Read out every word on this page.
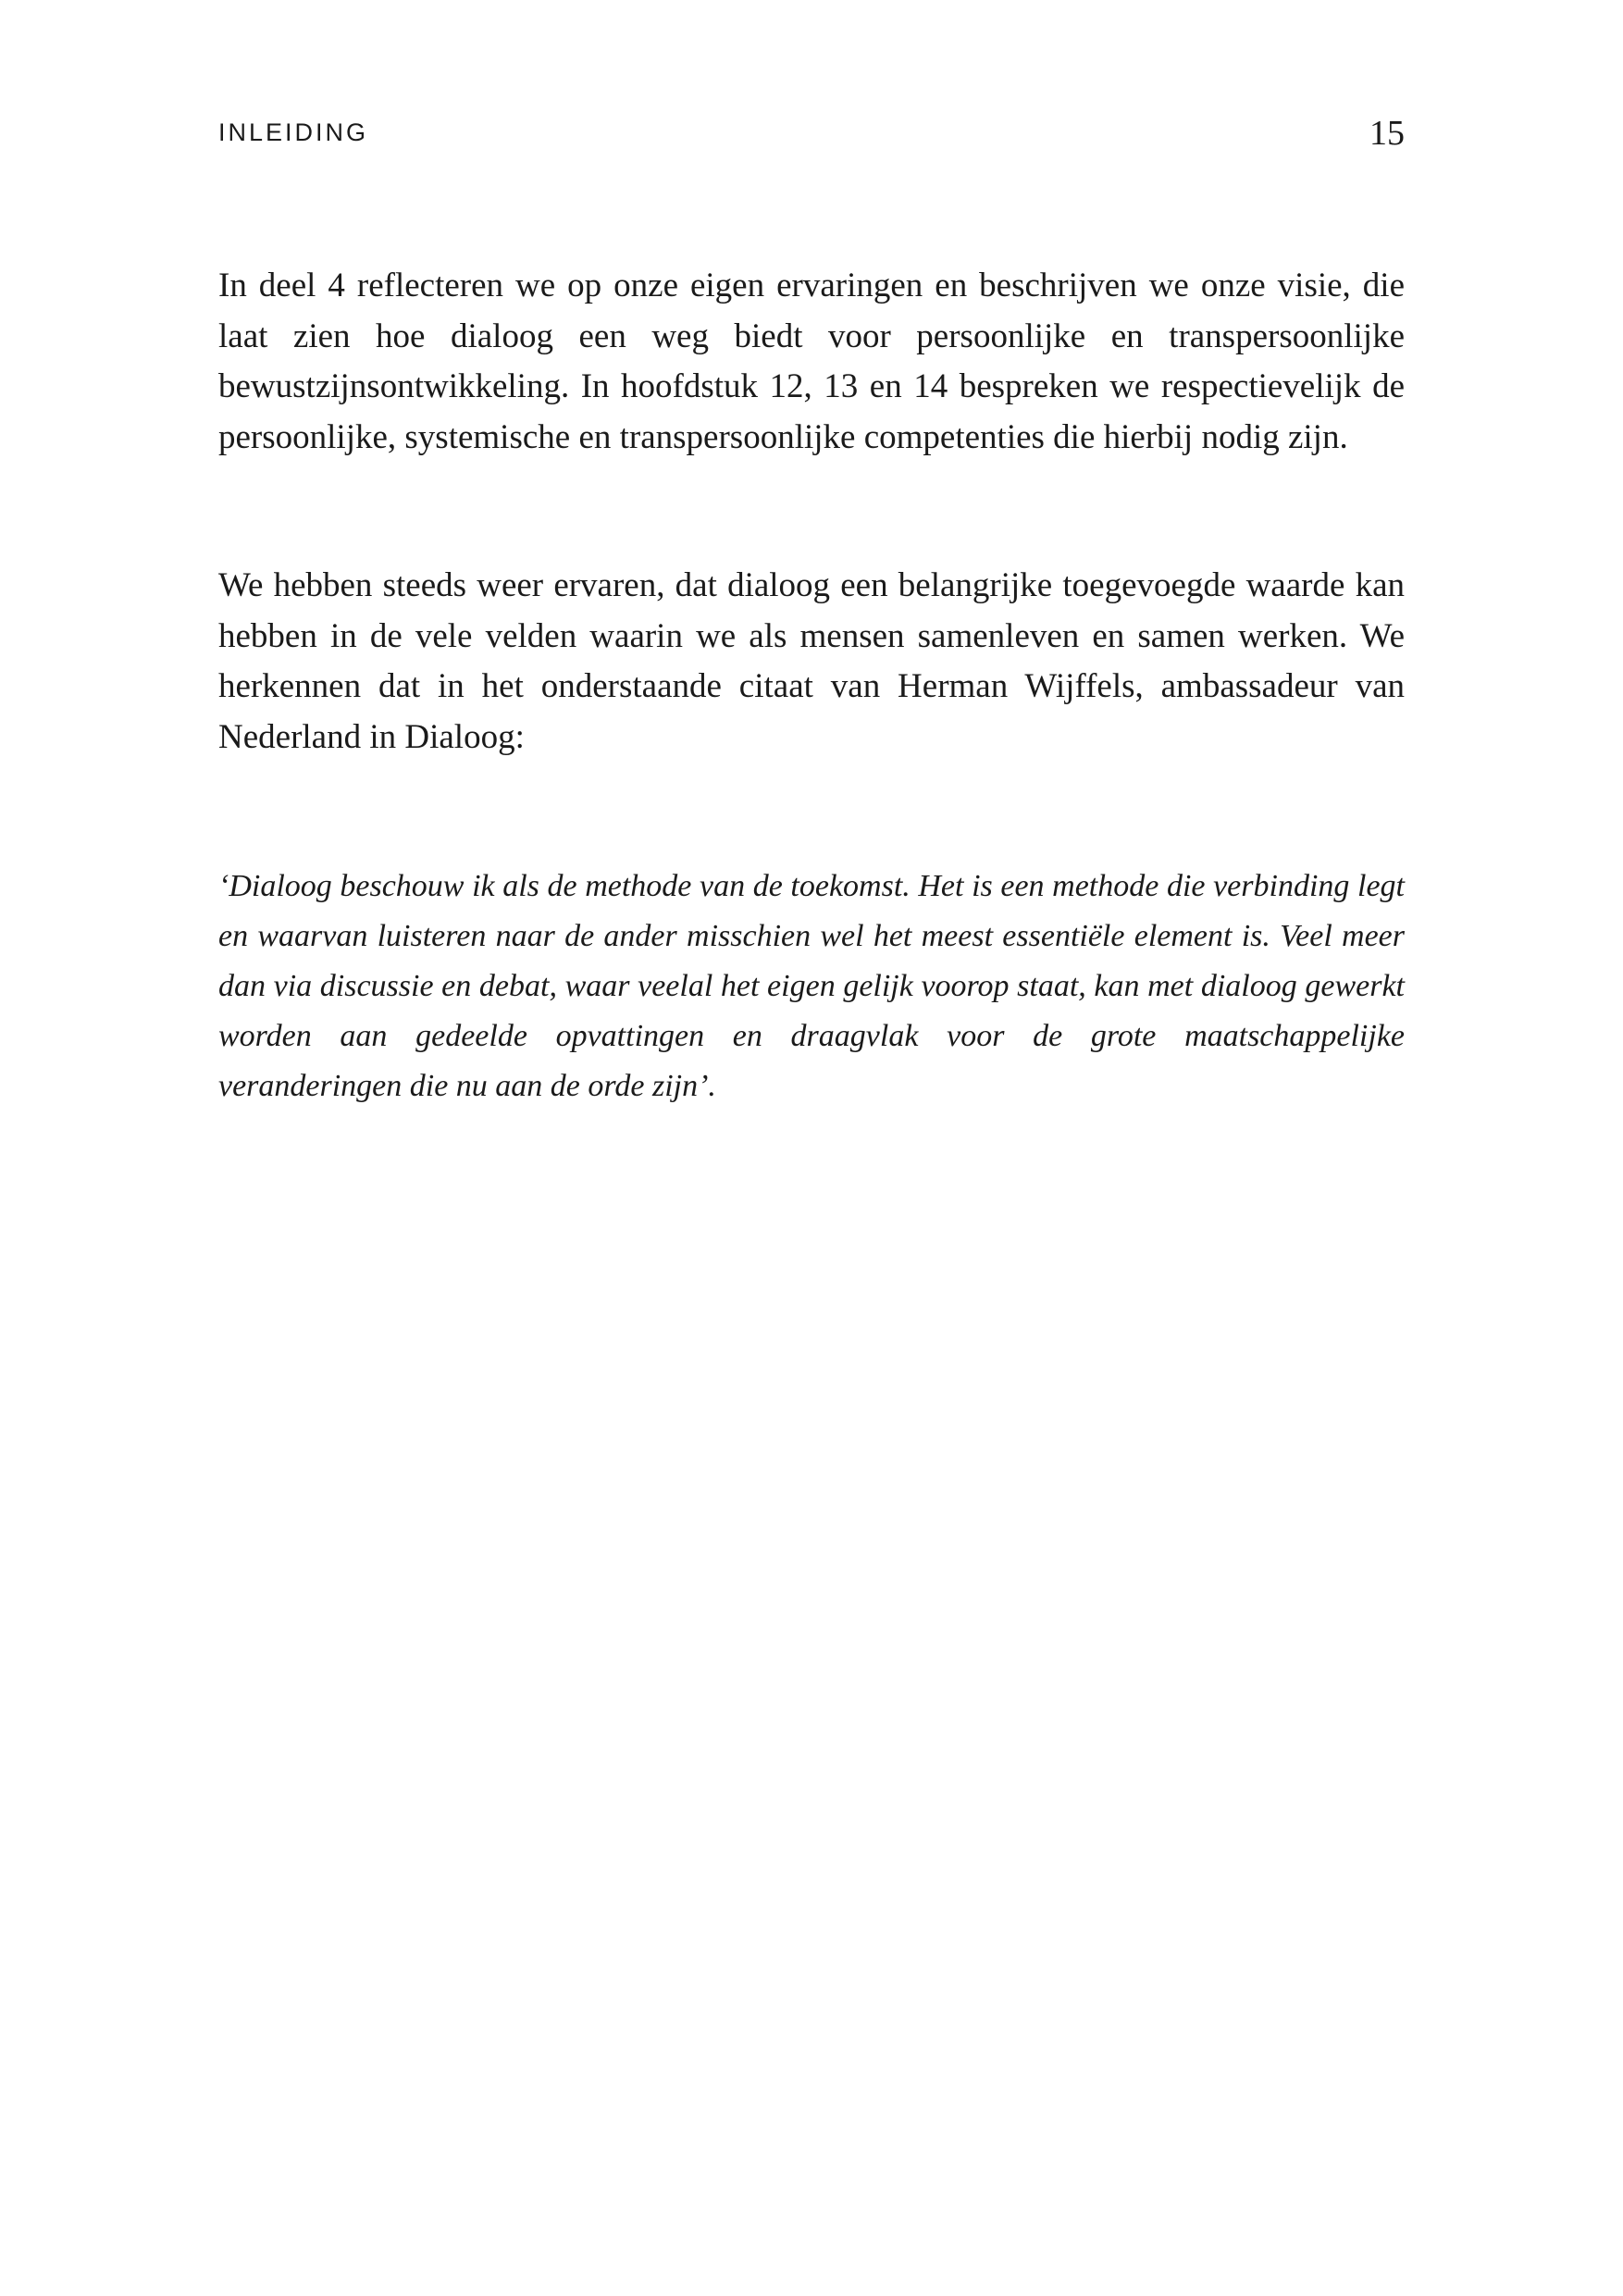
INLEIDING	15

In deel 4 reflecteren we op onze eigen ervaringen en beschrijven we onze visie, die laat zien hoe dialoog een weg biedt voor persoonlijke en transpersoonlijke bewustzijnsontwikkeling. In hoofdstuk 12, 13 en 14 bespreken we respectievelijk de persoonlijke, systemische en transpersoonlijke competenties die hierbij nodig zijn.

We hebben steeds weer ervaren, dat dialoog een belangrijke toegevoegde waarde kan hebben in de vele velden waarin we als mensen samenleven en samen werken. We herkennen dat in het onderstaande citaat van Herman Wijffels, ambassadeur van Nederland in Dialoog:

‘Dialoog beschouw ik als de methode van de toekomst. Het is een methode die verbinding legt en waarvan luisteren naar de ander misschien wel het meest essentiële element is. Veel meer dan via discussie en debat, waar veelal het eigen gelijk voorop staat, kan met dialoog gewerkt worden aan gedeelde opvattingen en draagvlak voor de grote maatschappelijke veranderingen die nu aan de orde zijn’.
